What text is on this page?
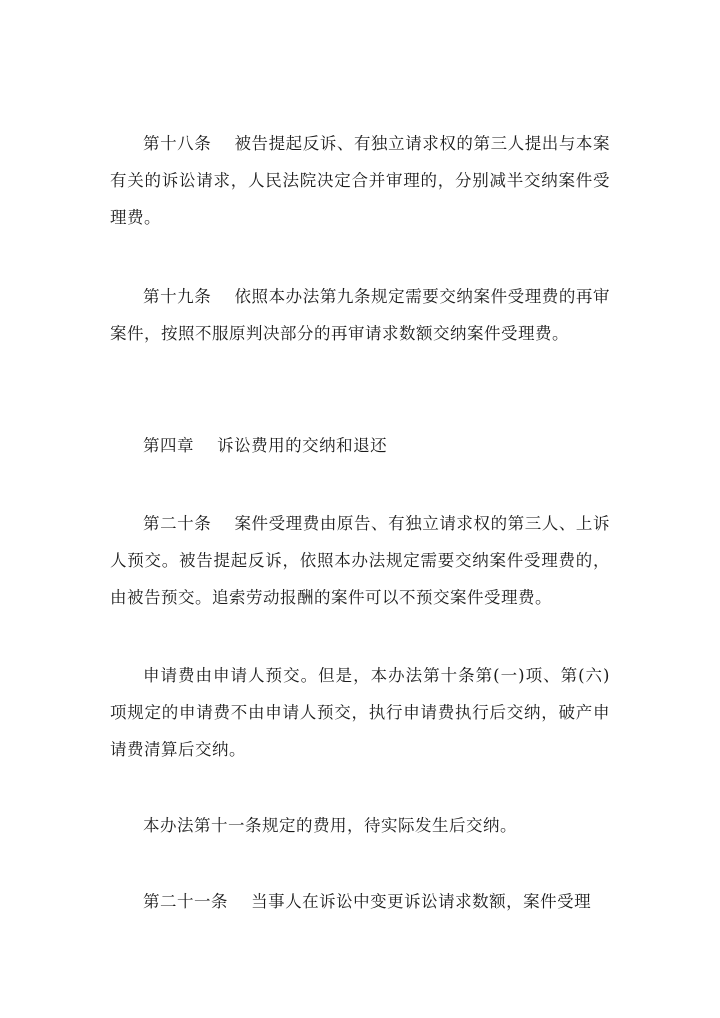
第十八条 被告提起反诉、有独立请求权的第三人提出与本案有关的诉讼请求，人民法院决定合并审理的，分别减半交纳案件受理费。

第十九条 依照本办法第九条规定需要交纳案件受理费的再审案件，按照不服原判决部分的再审请求数额交纳案件受理费。

第四章 诉讼费用的交纳和退还

第二十条 案件受理费由原告、有独立请求权的第三人、上诉人预交。被告提起反诉，依照本办法规定需要交纳案件受理费的，由被告预交。追索劳动报酬的案件可以不预交案件受理费。

申请费由申请人预交。但是，本办法第十条第(一)项、第(六)项规定的申请费不由申请人预交，执行申请费执行后交纳，破产申请费清算后交纳。

本办法第十一条规定的费用，待实际发生后交纳。

第二十一条 当事人在诉讼中变更诉讼请求数额，案件受理
